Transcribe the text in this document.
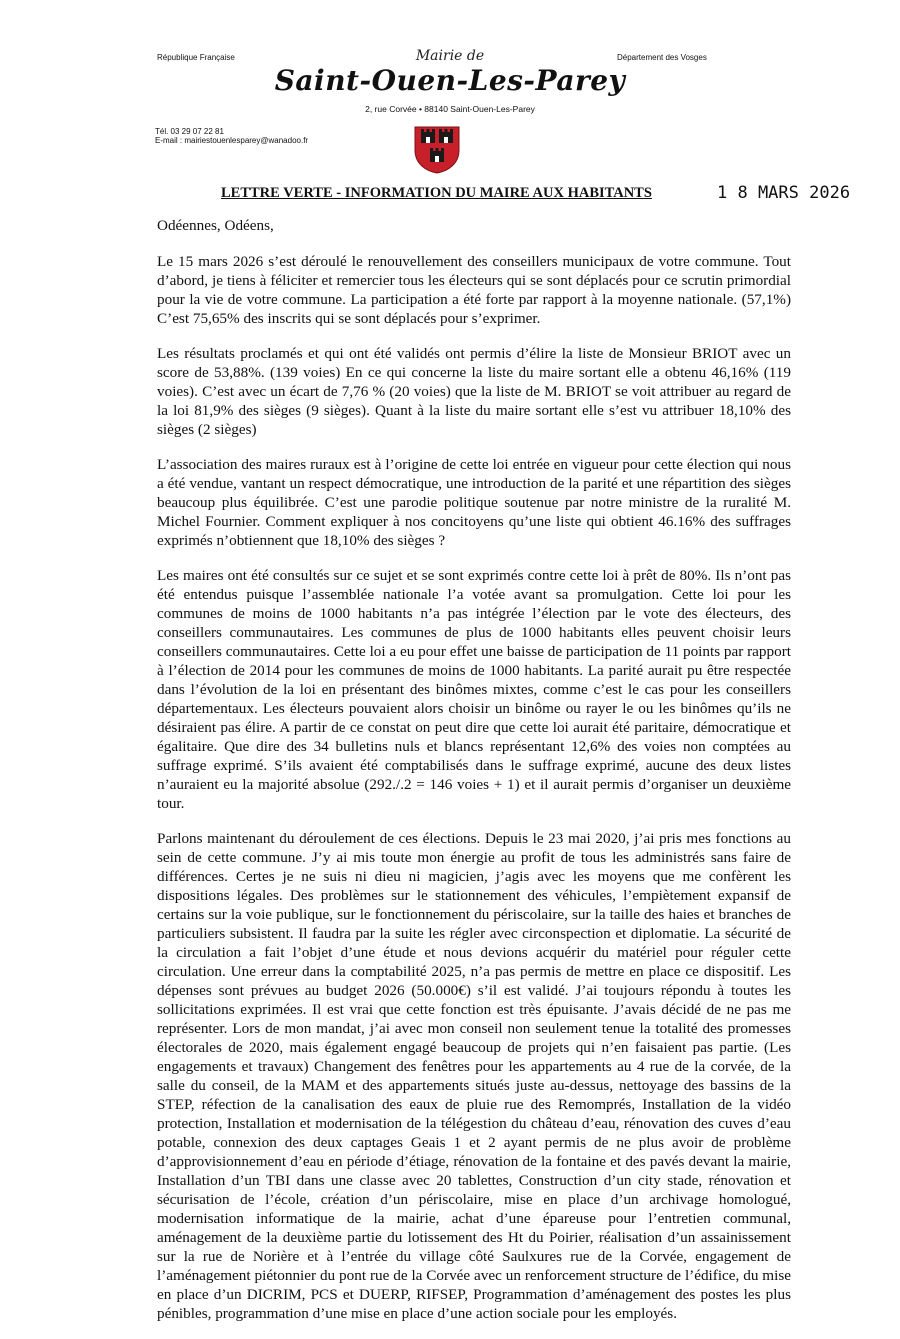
République Française	Département des Vosges
Mairie de
Saint-Ouen-Les-Parey
2, rue Corvée • 88140 Saint-Ouen-Les-Parey
Tél. 03 29 07 22 81
E-mail : mairiestouenlesparey@wanadoo.fr
LETTRE VERTE - INFORMATION DU MAIRE AUX HABITANTS	1 8 MARS 2026

Odéennes, Odéens,

Le 15 mars 2026 s’est déroulé le renouvellement des conseillers municipaux de votre commune. Tout d’abord, je tiens à féliciter et remercier tous les électeurs qui se sont déplacés pour ce scrutin primordial pour la vie de votre commune. La participation a été forte par rapport à la moyenne nationale. (57,1%) C’est 75,65% des inscrits qui se sont déplacés pour s’exprimer.

Les résultats proclamés et qui ont été validés ont permis d’élire la liste de Monsieur BRIOT avec un score de 53,88%. (139 voies) En ce qui concerne la liste du maire sortant elle a obtenu 46,16% (119 voies). C’est avec un écart de 7,76 % (20 voies) que la liste de M. BRIOT se voit attribuer au regard de la loi 81,9% des sièges (9 sièges). Quant à la liste du maire sortant elle s’est vu attribuer 18,10% des sièges (2 sièges)

L’association des maires ruraux est à l’origine de cette loi entrée en vigueur pour cette élection qui nous a été vendue, vantant un respect démocratique, une introduction de la parité et une répartition des sièges beaucoup plus équilibrée. C’est une parodie politique soutenue par notre ministre de la ruralité M. Michel Fournier. Comment expliquer à nos concitoyens qu’une liste qui obtient 46.16% des suffrages exprimés n’obtiennent que 18,10% des sièges ?

Les maires ont été consultés sur ce sujet et se sont exprimés contre cette loi à prêt de 80%. Ils n’ont pas été entendus puisque l’assemblée nationale l’a votée avant sa promulgation. Cette loi pour les communes de moins de 1000 habitants n’a pas intégrée l’élection par le vote des électeurs, des conseillers communautaires. Les communes de plus de 1000 habitants elles peuvent choisir leurs conseillers communautaires. Cette loi a eu pour effet une baisse de participation de 11 points par rapport à l’élection de 2014 pour les communes de moins de 1000 habitants. La parité aurait pu être respectée dans l’évolution de la loi en présentant des binômes mixtes, comme c’est le cas pour les conseillers départementaux. Les électeurs pouvaient alors choisir un binôme ou rayer le ou les binômes qu’ils ne désiraient pas élire. A partir de ce constat on peut dire que cette loi aurait été paritaire, démocratique et égalitaire. Que dire des 34 bulletins nuls et blancs représentant 12,6% des voies non comptées au suffrage exprimé. S’ils avaient été comptabilisés dans le suffrage exprimé, aucune des deux listes n’auraient eu la majorité absolue (292./.2 = 146 voies + 1) et il aurait permis d’organiser un deuxième tour.

Parlons maintenant du déroulement de ces élections. Depuis le 23 mai 2020, j’ai pris mes fonctions au sein de cette commune. J’y ai mis toute mon énergie au profit de tous les administrés sans faire de différences. Certes je ne suis ni dieu ni magicien, j’agis avec les moyens que me confèrent les dispositions légales. Des problèmes sur le stationnement des véhicules, l’empiètement expansif de certains sur la voie publique, sur le fonctionnement du périscolaire, sur la taille des haies et branches de particuliers subsistent. Il faudra par la suite les régler avec circonspection et diplomatie. La sécurité de la circulation a fait l’objet d’une étude et nous devions acquérir du matériel pour réguler cette circulation. Une erreur dans la comptabilité 2025, n’a pas permis de mettre en place ce dispositif. Les dépenses sont prévues au budget 2026 (50.000€) s’il est validé. J’ai toujours répondu à toutes les sollicitations exprimées. Il est vrai que cette fonction est très épuisante. J’avais décidé de ne pas me représenter. Lors de mon mandat, j’ai avec mon conseil non seulement tenue la totalité des promesses électorales de 2020, mais également engagé beaucoup de projets qui n’en faisaient pas partie. (Les engagements et travaux) Changement des fenêtres pour les appartements au 4 rue de la corvée, de la salle du conseil, de la MAM et des appartements situés juste au-dessus, nettoyage des bassins de la STEP, réfection de la canalisation des eaux de pluie rue des Remomprés, Installation de la vidéo protection, Installation et modernisation de la télégestion du château d’eau, rénovation des cuves d’eau potable, connexion des deux captages Geais 1 et 2 ayant permis de ne plus avoir de problème d’approvisionnement d’eau en période d’étiage, rénovation de la fontaine et des pavés devant la mairie, Installation d’un TBI dans une classe avec 20 tablettes, Construction d’un city stade, rénovation et sécurisation de l’école, création d’un périscolaire, mise en place d’un archivage homologué, modernisation informatique de la mairie, achat d’une épareuse pour l’entretien communal, aménagement de la deuxième partie du lotissement des Ht du Poirier, réalisation d’un assainissement sur la rue de Norière et à l’entrée du village côté Saulxures rue de la Corvée, engagement de l’aménagement piétonnier du pont rue de la Corvée avec un renforcement structure de l’édifice, du mise en place d’un DICRIM, PCS et DUERP, RIFSEP, Programmation d’aménagement des postes les plus pénibles, programmation d’une mise en place d’une action sociale pour les employés.
